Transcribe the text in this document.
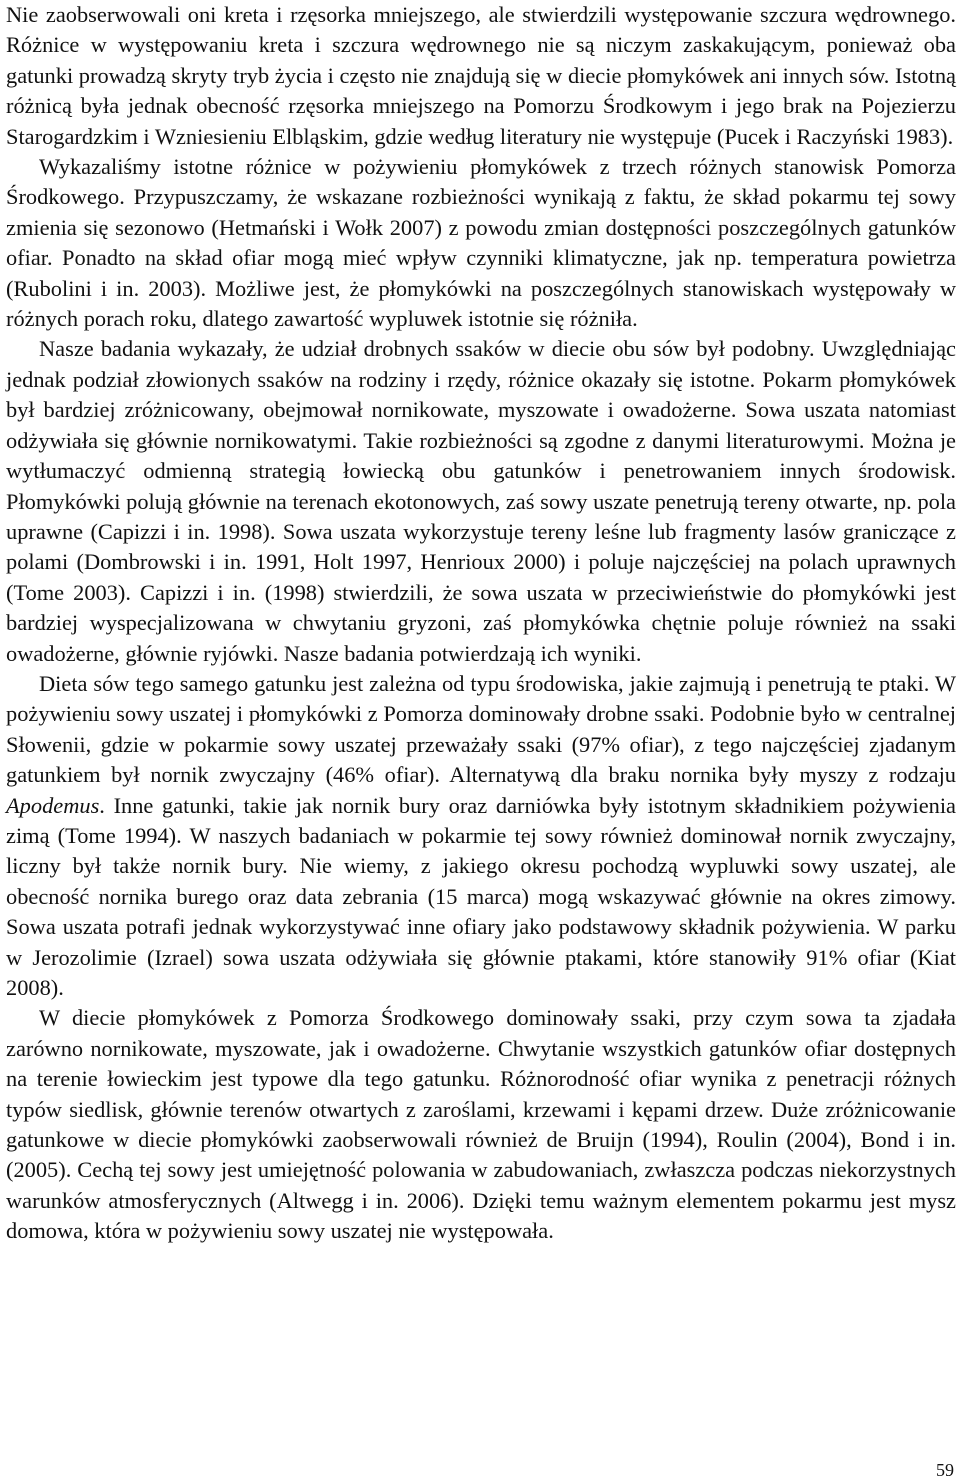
Nie zaobserwowali oni kreta i rzęsorka mniejszego, ale stwierdzili występowanie szczura wędrownego. Różnice w występowaniu kreta i szczura wędrownego nie są niczym zaskakującym, ponieważ oba gatunki prowadzą skryty tryb życia i często nie znajdują się w diecie płomykówek ani innych sów. Istotną różnicą była jednak obecność rzęsorka mniejszego na Pomorzu Środkowym i jego brak na Pojezierzu Starogardzkim i Wzniesieniu Elbląskim, gdzie według literatury nie występuje (Pucek i Raczyński 1983).

Wykazaliśmy istotne różnice w pożywieniu płomykówek z trzech różnych stanowisk Pomorza Środkowego. Przypuszczamy, że wskazane rozbieżności wynikają z faktu, że skład pokarmu tej sowy zmienia się sezonowo (Hetmański i Wołk 2007) z powodu zmian dostępności poszczególnych gatunków ofiar. Ponadto na skład ofiar mogą mieć wpływ czynniki klimatyczne, jak np. temperatura powietrza (Rubolini i in. 2003). Możliwe jest, że płomykówki na poszczególnych stanowiskach występowały w różnych porach roku, dlatego zawartość wypluwek istotnie się różniła.

Nasze badania wykazały, że udział drobnych ssaków w diecie obu sów był podobny. Uwzględniając jednak podział złowionych ssaków na rodziny i rzędy, różnice okazały się istotne. Pokarm płomykówek był bardziej zróżnicowany, obejmował nornikowate, myszowate i owadożerne. Sowa uszata natomiast odżywiała się głównie nornikowatymi. Takie rozbieżności są zgodne z danymi literaturowymi. Można je wytłumaczyć odmienną strategią łowiecką obu gatunków i penetrowaniem innych środowisk. Płomykówki polują głównie na terenach ekotonowych, zaś sowy uszate penetrują tereny otwarte, np. pola uprawne (Capizzi i in. 1998). Sowa uszata wykorzystuje tereny leśne lub fragmenty lasów graniczące z polami (Dombrowski i in. 1991, Holt 1997, Henrioux 2000) i poluje najczęściej na polach uprawnych (Tome 2003). Capizzi i in. (1998) stwierdzili, że sowa uszata w przeciwieństwie do płomykówki jest bardziej wyspecjalizowana w chwytaniu gryzoni, zaś płomykówka chętnie poluje również na ssaki owadożerne, głównie ryjówki. Nasze badania potwierdzają ich wyniki.

Dieta sów tego samego gatunku jest zależna od typu środowiska, jakie zajmują i penetrują te ptaki. W pożywieniu sowy uszatej i płomykówki z Pomorza dominowały drobne ssaki. Podobnie było w centralnej Słowenii, gdzie w pokarmie sowy uszatej przeważały ssaki (97% ofiar), z tego najczęściej zjadanym gatunkiem był nornik zwyczajny (46% ofiar). Alternatywą dla braku nornika były myszy z rodzaju Apodemus. Inne gatunki, takie jak nornik bury oraz darniówka były istotnym składnikiem pożywienia zimą (Tome 1994). W naszych badaniach w pokarmie tej sowy również dominował nornik zwyczajny, liczny był także nornik bury. Nie wiemy, z jakiego okresu pochodzą wypluwki sowy uszatej, ale obecność nornika burego oraz data zebrania (15 marca) mogą wskazywać głównie na okres zimowy. Sowa uszata potrafi jednak wykorzystywać inne ofiary jako podstawowy składnik pożywienia. W parku w Jerozolimie (Izrael) sowa uszata odżywiała się głównie ptakami, które stanowiły 91% ofiar (Kiat 2008).

W diecie płomykówek z Pomorza Środkowego dominowały ssaki, przy czym sowa ta zjadała zarówno nornikowate, myszowate, jak i owadożerne. Chwytanie wszystkich gatunków ofiar dostępnych na terenie łowieckim jest typowe dla tego gatunku. Różnorodność ofiar wynika z penetracji różnych typów siedlisk, głównie terenów otwartych z zaroślami, krzewami i kępami drzew. Duże zróżnicowanie gatunkowe w diecie płomykówki zaobserwowali również de Bruijn (1994), Roulin (2004), Bond i in. (2005). Cechą tej sowy jest umiejętność polowania w zabudowaniach, zwłaszcza podczas niekorzystnych warunków atmosferycznych (Altwegg i in. 2006). Dzięki temu ważnym elementem pokarmu jest mysz domowa, która w pożywieniu sowy uszatej nie występowała.

59
